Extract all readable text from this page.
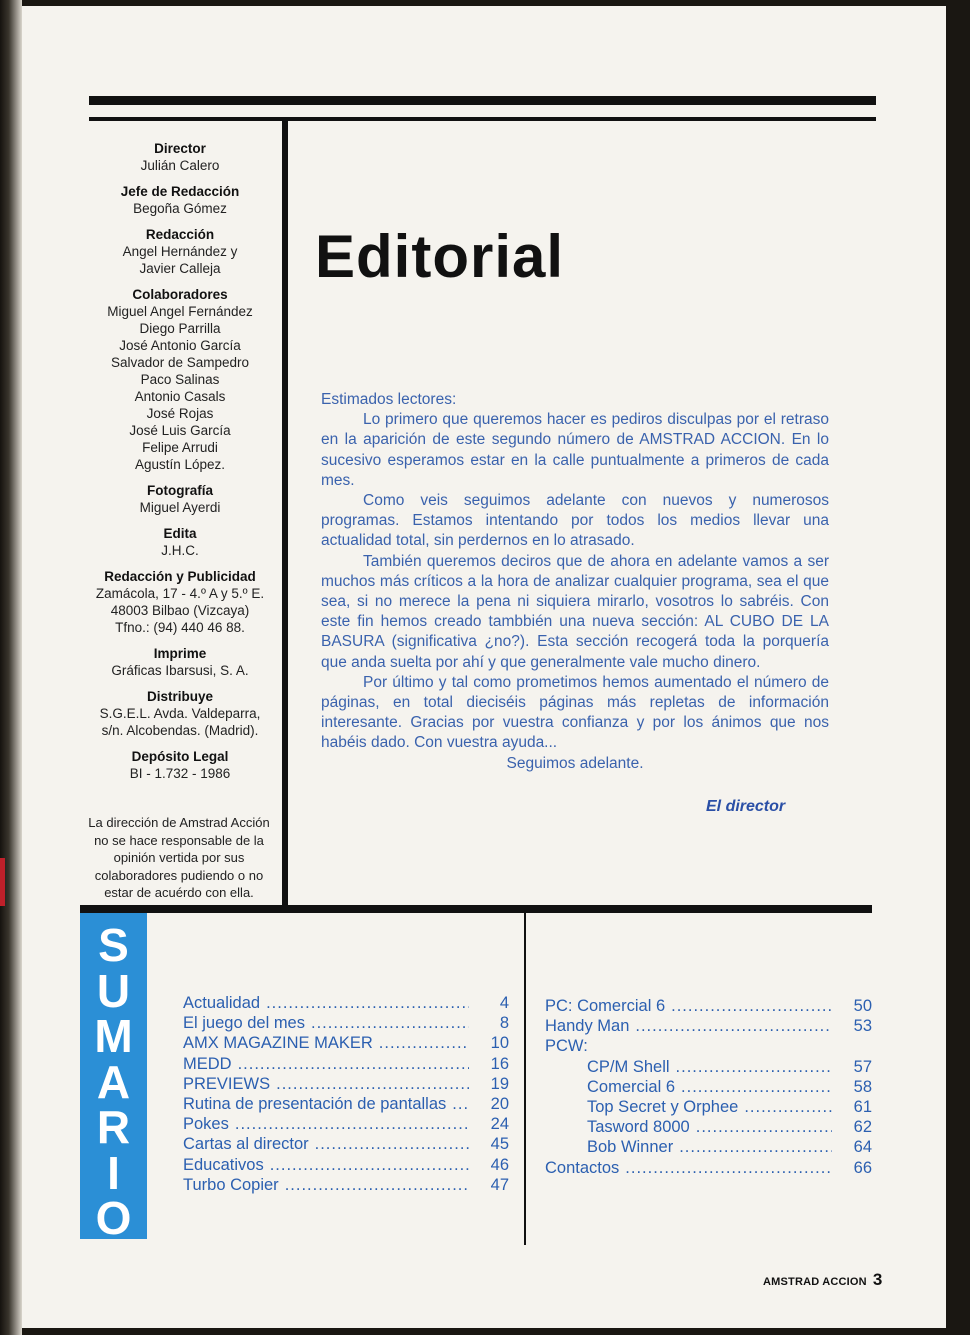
Director
Julián Calero
Jefe de Redacción
Begoña Gómez
Redacción
Angel Hernández y
Javier Calleja
Colaboradores
Miguel Angel Fernández
Diego Parrilla
José Antonio García
Salvador de Sampedro
Paco Salinas
Antonio Casals
José Rojas
José Luis García
Felipe Arrudi
Agustín López.
Fotografía
Miguel Ayerdi
Edita
J.H.C.
Redacción y Publicidad
Zamácola, 17 - 4.º A y 5.º E.
48003 Bilbao (Vizcaya)
Tfno.: (94) 440 46 88.
Imprime
Gráficas Ibarsusi, S. A.
Distribuye
S.G.E.L. Avda. Valdeparra,
s/n. Alcobendas. (Madrid).
Depósito Legal
BI - 1.732 - 1986
La dirección de Amstrad Acción no se hace responsable de la opinión vertida por sus colaboradores pudiendo o no estar de acuérdo con ella.
Editorial

Estimados lectores:

Lo primero que queremos hacer es pediros disculpas por el retraso en la aparición de este segundo número de AMSTRAD ACCION. En lo sucesivo esperamos estar en la calle puntualmente a primeros de cada mes.

Como veis seguimos adelante con nuevos y numerosos programas. Estamos intentando por todos los medios llevar una actualidad total, sin perdernos en lo atrasado.

También queremos deciros que de ahora en adelante vamos a ser muchos más críticos a la hora de analizar cualquier programa, sea el que sea, si no merece la pena ni siquiera mirarlo, vosotros lo sabréis. Con este fin hemos creado tambbién una nueva sección: AL CUBO DE LA BASURA (significativa ¿no?). Esta sección recogerá toda la porquería que anda suelta por ahí y que generalmente vale mucho dinero.

Por último y tal como prometimos hemos aumentado el número de páginas, en total dieciséis páginas más repletas de información interesante. Gracias por vuestra confianza y por los ánimos que nos habéis dado. Con vuestra ayuda...

Seguimos adelante.

El director
S
U
M
A
R
I
O
Actualidad .....	4
El juego del mes .....	8
AMX MAGAZINE MAKER .....	10
MEDD .....	16
PREVIEWS .....	19
Rutina de presentación de pantallas .....	20
Pokes .....	24
Cartas al director .....	45
Educativos .....	46
Turbo Copier .....	47
PC: Comercial 6 .....	50
Handy Man .....	53
PCW:
CP/M Shell .....	57
Comercial 6 .....	58
Top Secret y Orphee .....	61
Tasword 8000 .....	62
Bob Winner .....	64
Contactos .....	66
AMSTRAD ACCION 3
